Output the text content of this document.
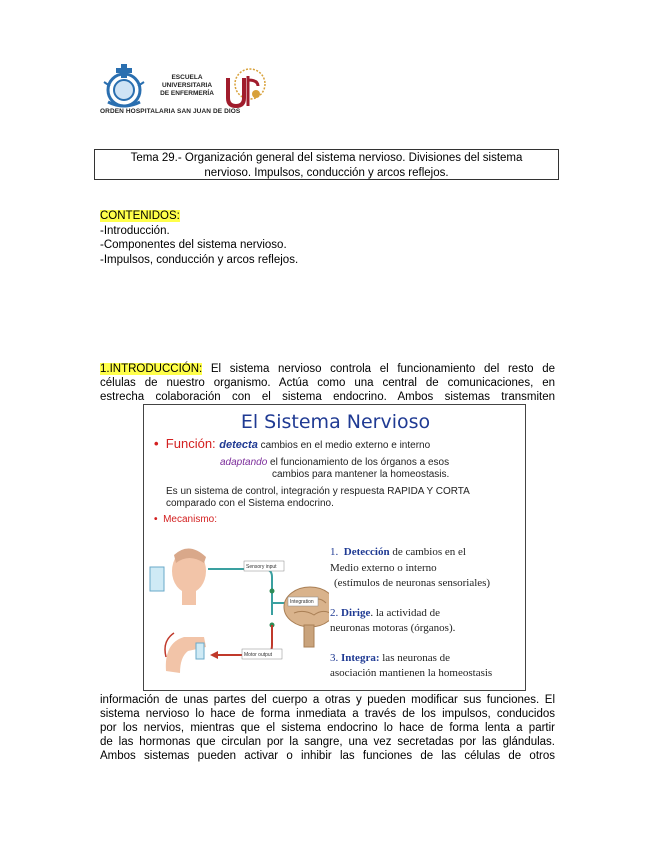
ESCUELA
UNIVERSITARIA
DE ENFERMERÍA
ORDEN HOSPITALARIA SAN JUAN DE DIOS
Tema 29.- Organización general del sistema nervioso. Divisiones del sistema
nervioso. Impulsos, conducción y arcos reflejos.
CONTENIDOS:
-Introducción.
-Componentes del sistema nervioso.
-Impulsos, conducción y arcos reflejos.
1.INTRODUCCIÓN: El sistema nervioso controla el funcionamiento del resto de
células de nuestro organismo. Actúa como una central de comunicaciones, en
estrecha colaboración con el sistema endocrino. Ambos sistemas transmiten
El Sistema Nervioso
• Función: detecta cambios en el medio externo e interno
adaptando el funcionamiento de los órganos a esos
cambios para mantener la homeostasis.
Es un sistema de control, integración y respuesta RAPIDA Y CORTA
comparado con el Sistema endocrino.
• Mecanismo:
Sensory input
Motor output
Integration
1. Detección de cambios en el
Medio externo o interno
(estímulos de neuronas sensoriales)
2. Dirige. la actividad de
neuronas motoras (órganos).
3. Integra: las neuronas de
asociación mantienen la homeostasis
información de unas partes del cuerpo a otras y pueden modificar sus funciones. El
sistema nervioso lo hace de forma inmediata a través de los impulsos, conducidos
por los nervios, mientras que el sistema endocrino lo hace de forma lenta a partir
de las hormonas que circulan por la sangre, una vez secretadas por las glándulas.
Ambos sistemas pueden activar o inhibir las funciones de las células de otros
